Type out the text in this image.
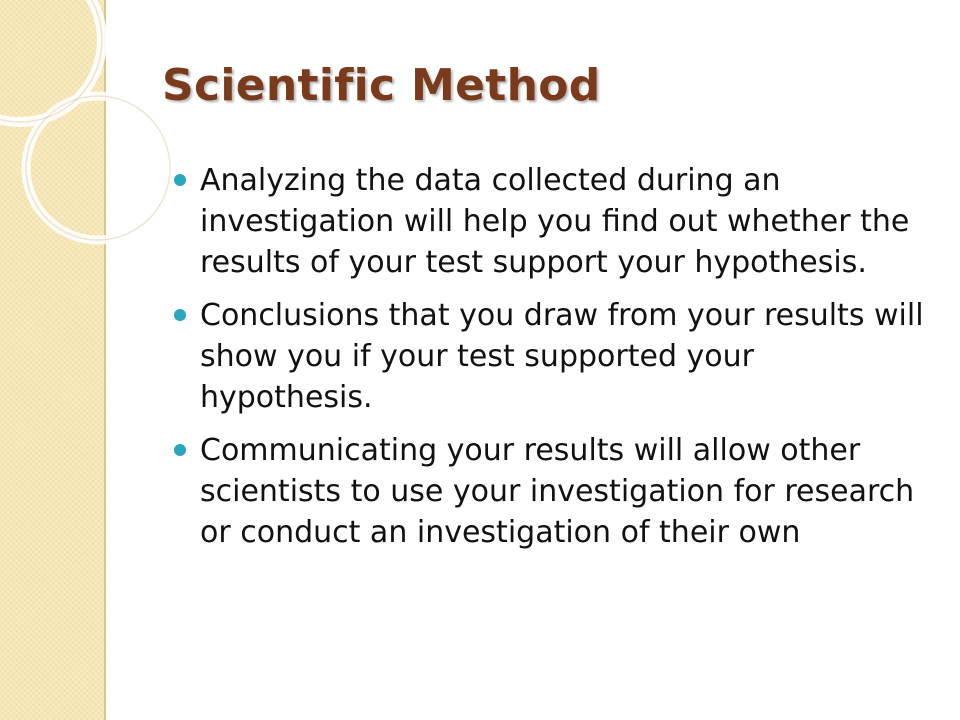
Scientific Method
Analyzing the data collected during an investigation will help you find out whether the results of your test support your hypothesis.
Conclusions that you draw from your results will show you if your test supported your hypothesis.
Communicating your results will allow other scientists to use your investigation for research or conduct an investigation of their own
